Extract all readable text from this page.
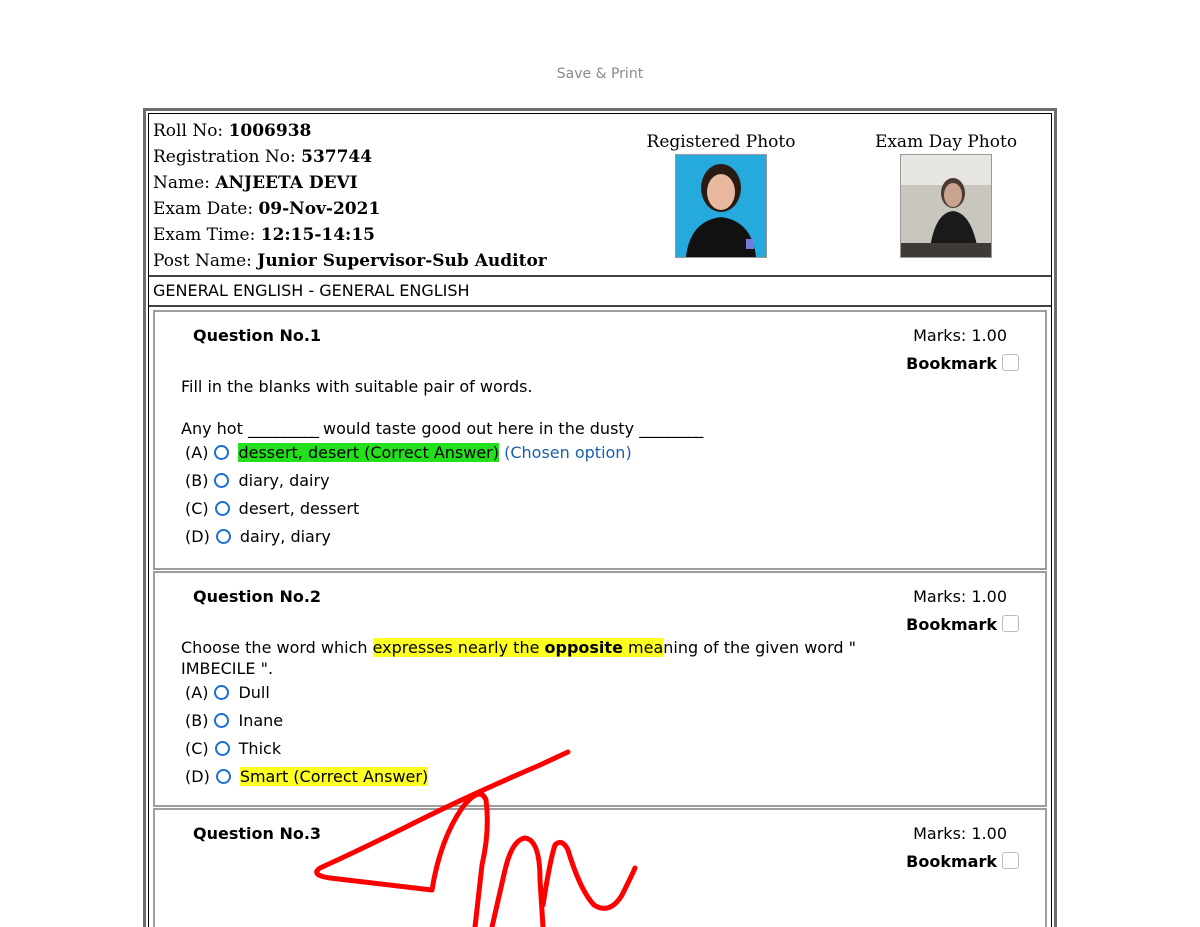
Save & Print
Roll No: 1006938
Registration No: 537744
Name: ANJEETA DEVI
Exam Date: 09-Nov-2021
Exam Time: 12:15-14:15
Post Name: Junior Supervisor-Sub Auditor
Registered Photo	Exam Day Photo
GENERAL ENGLISH - GENERAL ENGLISH
Question No.1	Marks: 1.00
Bookmark
Fill in the blanks with suitable pair of words.
Any hot __________ would taste good out here in the dusty _________
(A) dessert, desert (Correct Answer) (Chosen option)
(B) diary, dairy
(C) desert, dessert
(D) dairy, diary
Question No.2	Marks: 1.00
Bookmark
Choose the word which expresses nearly the opposite meaning of the given word "
IMBECILE ".
(A) Dull
(B) Inane
(C) Thick
(D) Smart (Correct Answer)
Question No.3	Marks: 1.00
Bookmark
